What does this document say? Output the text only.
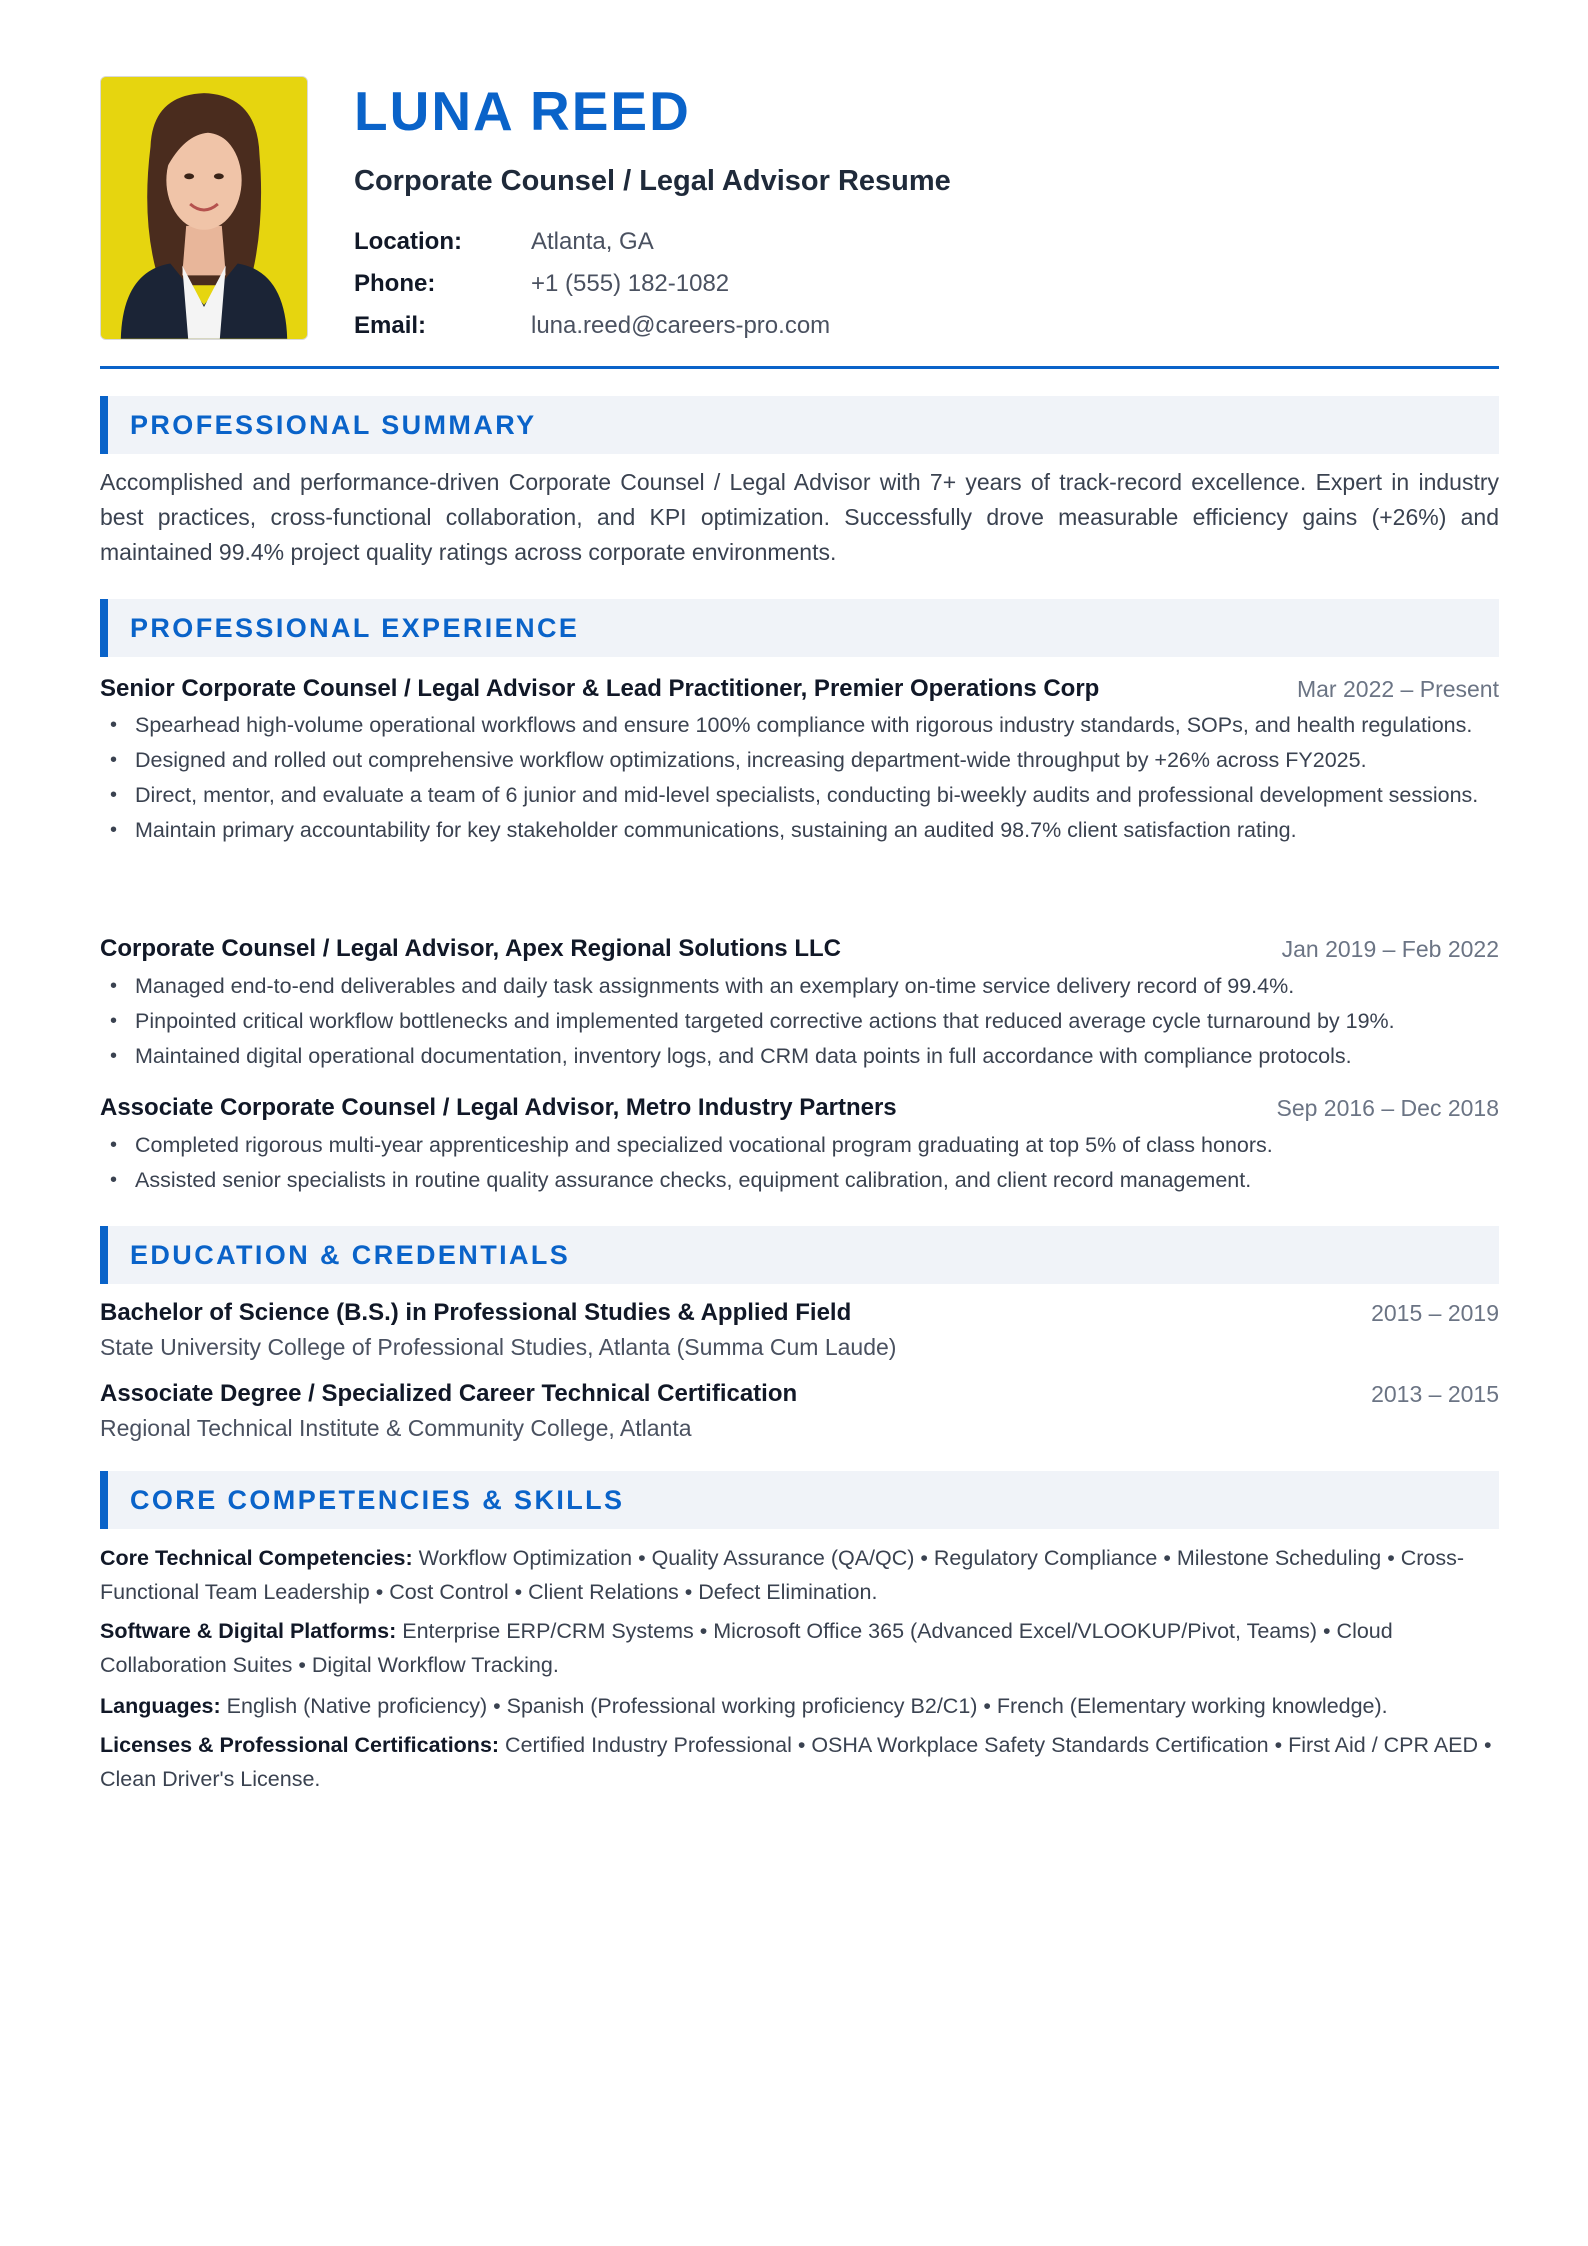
LUNA REED
Corporate Counsel / Legal Advisor Resume
Location:	Atlanta, GA
Phone:	+1 (555) 182-1082
Email:	luna.reed@careers-pro.com
PROFESSIONAL SUMMARY

Accomplished and performance-driven Corporate Counsel / Legal Advisor with 7+ years of track-record excellence. Expert in industry best practices, cross-functional collaboration, and KPI optimization. Successfully drove measurable efficiency gains (+26%) and maintained 99.4% project quality ratings across corporate environments.

PROFESSIONAL EXPERIENCE
Senior Corporate Counsel / Legal Advisor & Lead Practitioner, Premier Operations Corp	Mar 2022 – Present
• Spearhead high-volume operational workflows and ensure 100% compliance with rigorous industry standards, SOPs, and health regulations.
• Designed and rolled out comprehensive workflow optimizations, increasing department-wide throughput by +26% across FY2025.
• Direct, mentor, and evaluate a team of 6 junior and mid-level specialists, conducting bi-weekly audits and professional development sessions.
• Maintain primary accountability for key stakeholder communications, sustaining an audited 98.7% client satisfaction rating.
Corporate Counsel / Legal Advisor, Apex Regional Solutions LLC	Jan 2019 – Feb 2022
• Managed end-to-end deliverables and daily task assignments with an exemplary on-time service delivery record of 99.4%.
• Pinpointed critical workflow bottlenecks and implemented targeted corrective actions that reduced average cycle turnaround by 19%.
• Maintained digital operational documentation, inventory logs, and CRM data points in full accordance with compliance protocols.
Associate Corporate Counsel / Legal Advisor, Metro Industry Partners	Sep 2016 – Dec 2018
• Completed rigorous multi-year apprenticeship and specialized vocational program graduating at top 5% of class honors.
• Assisted senior specialists in routine quality assurance checks, equipment calibration, and client record management.
EDUCATION & CREDENTIALS
Bachelor of Science (B.S.) in Professional Studies & Applied Field	2015 – 2019
State University College of Professional Studies, Atlanta (Summa Cum Laude)
Associate Degree / Specialized Career Technical Certification	2013 – 2015
Regional Technical Institute & Community College, Atlanta
CORE COMPETENCIES & SKILLS

Core Technical Competencies: Workflow Optimization • Quality Assurance (QA/QC) • Regulatory Compliance • Milestone Scheduling • Cross-Functional Team Leadership • Cost Control • Client Relations • Defect Elimination.

Software & Digital Platforms: Enterprise ERP/CRM Systems • Microsoft Office 365 (Advanced Excel/VLOOKUP/Pivot, Teams) • Cloud Collaboration Suites • Digital Workflow Tracking.

Languages: English (Native proficiency) • Spanish (Professional working proficiency B2/C1) • French (Elementary working knowledge).

Licenses & Professional Certifications: Certified Industry Professional • OSHA Workplace Safety Standards Certification • First Aid / CPR AED • Clean Driver's License.
